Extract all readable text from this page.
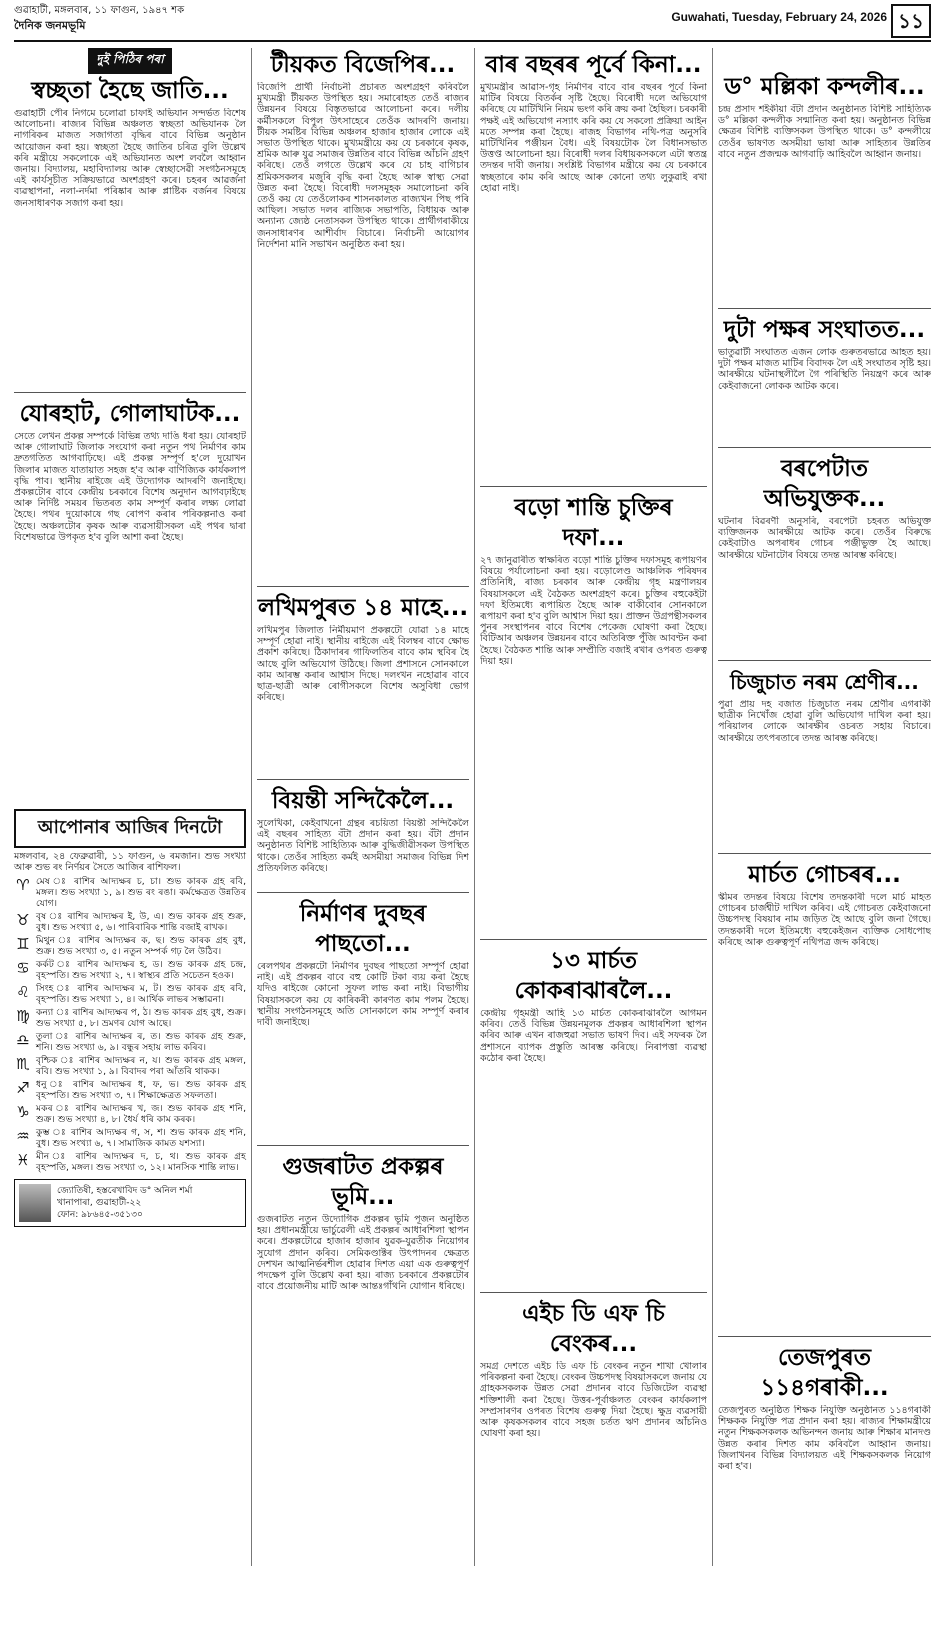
গুৱাহাটী, মঙ্গলবাৰ, ১১ ফাগুন, ১৯৪৭ শক
দৈনিক জনমভূমি
Guwahati, Tuesday, February 24, 2026 ১১
দুই পিঠিৰ পৰা
স্বচ্ছতা হৈছে জাতি...
গুৱাহাটী পৌৰ নিগমে চলোৱা চাফাই অভিযান সন্দৰ্ভত বিশেষ আলোচনা। ৰাজ্যৰ বিভিন্ন অঞ্চলত স্বচ্ছতা অভিযানক লৈ নাগৰিকৰ মাজত সজাগতা বৃদ্ধিৰ বাবে বিভিন্ন অনুষ্ঠান আয়োজন কৰা হয়। স্বচ্ছতা হৈছে জাতিৰ চৰিত্ৰ বুলি উল্লেখ কৰি মন্ত্ৰীয়ে সকলোকে এই অভিযানত অংশ লবলৈ আহ্বান জনায়। বিদ্যালয়, মহাবিদ্যালয় আৰু স্বেচ্ছাসেৱী সংগঠনসমূহে এই কাৰ্যসূচীত সক্ৰিয়ভাৱে অংশগ্ৰহণ কৰে। চহৰৰ আৱৰ্জনা ব্যৱস্থাপনা, নলা-নৰ্দমা পৰিষ্কাৰ আৰু প্লাষ্টিক বৰ্জনৰ বিষয়ে জনসাধাৰণক সজাগ কৰা হয়।
যোৰহাট, গোলাঘাটক...
সেতে লেখন প্ৰকল্প সম্পৰ্কে বিভিন্ন তথ্য দাঙি ধৰা হয়। যোৰহাট আৰু গোলাঘাট জিলাক সংযোগ কৰা নতুন পথ নিৰ্মাণৰ কাম দ্ৰুতগতিত আগবাঢ়িছে। এই প্ৰকল্প সম্পূৰ্ণ হ'লে দুয়োখন জিলাৰ মাজত যাতায়াত সহজ হ'ব আৰু বাণিজ্যিক কাৰ্যকলাপ বৃদ্ধি পাব। স্থানীয় ৰাইজে এই উদ্যোগক আদৰণি জনাইছে। প্ৰকল্পটোৰ বাবে কেন্দ্ৰীয় চৰকাৰে বিশেষ অনুদান আগবঢ়াইছে আৰু নিৰ্দিষ্ট সময়ৰ ভিতৰত কাম সম্পূৰ্ণ কৰাৰ লক্ষ্য লোৱা হৈছে। পথৰ দুয়োকাষে গছ ৰোপণ কৰাৰ পৰিকল্পনাও কৰা হৈছে। অঞ্চলটোৰ কৃষক আৰু ব্যৱসায়ীসকল এই পথৰ দ্বাৰা বিশেষভাৱে উপকৃত হ'ব বুলি আশা কৰা হৈছে।
আপোনাৰ আজিৰ দিনটো
মঙ্গলবাৰ, ২৪ ফেব্ৰুৱাৰী, ১১ ফাগুন, ৬ ৰমজান। শুভ সংখ্যা আৰু শুভ ৰং নিৰ্ণয়ৰ সৈতে আজিৰ ৰাশিফল।
♈ মেষ ঃ ৰাশিৰ আদ্যক্ষৰ চ, চা। শুভ কাৰক গ্ৰহ ৰবি, মঙ্গল। শুভ সংখ্যা ১, ৯। শুভ ৰং ৰঙা। কৰ্মক্ষেত্ৰত উন্নতিৰ যোগ।
♉ বৃষ ঃ ৰাশিৰ আদ্যক্ষৰ ই, উ, এ। শুভ কাৰক গ্ৰহ শুক্ৰ, বুধ। শুভ সংখ্যা ৫, ৬। পাৰিবাৰিক শান্তি বজাই ৰাখক।
♊ মিথুন ঃ ৰাশিৰ আদ্যক্ষৰ ক, ছ। শুভ কাৰক গ্ৰহ বুধ, শুক্ৰ। শুভ সংখ্যা ৩, ৫। নতুন সম্পৰ্ক গঢ় লৈ উঠিব।
♋ কৰ্কট ঃ ৰাশিৰ আদ্যক্ষৰ হ, ড। শুভ কাৰক গ্ৰহ চন্দ্ৰ, বৃহস্পতি। শুভ সংখ্যা ২, ৭। স্বাস্থ্যৰ প্ৰতি সচেতন হওক।
♌ সিংহ ঃ ৰাশিৰ আদ্যক্ষৰ ম, ট। শুভ কাৰক গ্ৰহ ৰবি, বৃহস্পতি। শুভ সংখ্যা ১, ৪। আৰ্থিক লাভৰ সম্ভাৱনা।
♍ কন্যা ঃ ৰাশিৰ আদ্যক্ষৰ প, ঠ। শুভ কাৰক গ্ৰহ বুধ, শুক্ৰ। শুভ সংখ্যা ৫, ৮। ভ্ৰমণৰ যোগ আছে।
♎ তুলা ঃ ৰাশিৰ আদ্যক্ষৰ ৰ, ত। শুভ কাৰক গ্ৰহ শুক্ৰ, শনি। শুভ সংখ্যা ৬, ৯। বন্ধুৰ সহায় লাভ কৰিব।
♏ বৃশ্চিক ঃ ৰাশিৰ আদ্যক্ষৰ ন, য। শুভ কাৰক গ্ৰহ মঙ্গল, ৰবি। শুভ সংখ্যা ১, ৯। বিবাদৰ পৰা আঁতৰি থাকক।
♐ ধনু ঃ ৰাশিৰ আদ্যক্ষৰ ধ, ফ, ভ। শুভ কাৰক গ্ৰহ বৃহস্পতি। শুভ সংখ্যা ৩, ৭। শিক্ষাক্ষেত্ৰত সফলতা।
♑ মকৰ ঃ ৰাশিৰ আদ্যক্ষৰ খ, জ। শুভ কাৰক গ্ৰহ শনি, শুক্ৰ। শুভ সংখ্যা ৪, ৮। ধৈৰ্য ধৰি কাম কৰক।
♒ কুম্ভ ঃ ৰাশিৰ আদ্যক্ষৰ গ, স, শ। শুভ কাৰক গ্ৰহ শনি, বুধ। শুভ সংখ্যা ৬, ৭। সামাজিক কামত যশস্যা।
♓ মীন ঃ ৰাশিৰ আদ্যক্ষৰ দ, চ, থ। শুভ কাৰক গ্ৰহ বৃহস্পতি, মঙ্গল। শুভ সংখ্যা ৩, ১২। মানসিক শান্তি লাভ।
জ্যোতিষী, হস্তৰেখাবিদ ড° অনিল শৰ্মা
খানাপাৰা, গুৱাহাটী-২২
ফোন: ৯৮৬৪৫-৩৫১৩০
টীয়কত বিজেপিৰ...
বিজেপি প্ৰাৰ্থী নিৰ্বাচনী প্ৰচাৰত অংশগ্ৰহণ কৰিবলৈ মুখ্যমন্ত্ৰী টীয়কত উপস্থিত হয়। সমাৰোহত তেওঁ ৰাজ্যৰ উন্নয়নৰ বিষয়ে বিস্তৃতভাৱে আলোচনা কৰে। দলীয় কৰ্মীসকলে বিপুল উৎসাহেৰে তেওঁক আদৰণি জনায়। টীয়ক সমষ্টিৰ বিভিন্ন অঞ্চলৰ হাজাৰ হাজাৰ লোকে এই সভাত উপস্থিত থাকে। মুখ্যমন্ত্ৰীয়ে কয় যে চৰকাৰে কৃষক, শ্ৰমিক আৰু যুৱ সমাজৰ উন্নতিৰ বাবে বিভিন্ন আঁচনি গ্ৰহণ কৰিছে। তেওঁ লগতে উল্লেখ কৰে যে চাহ বাগিচাৰ শ্ৰমিকসকলৰ মজুৰি বৃদ্ধি কৰা হৈছে আৰু স্বাস্থ্য সেৱা উন্নত কৰা হৈছে। বিৰোধী দলসমূহক সমালোচনা কৰি তেওঁ কয় যে তেওঁলোকৰ শাসনকালত ৰাজ্যখন পিছ পৰি আছিল। সভাত দলৰ ৰাজ্যিক সভাপতি, বিধায়ক আৰু অন্যান্য জ্যেষ্ঠ নেতাসকল উপস্থিত থাকে। প্ৰাৰ্থীগৰাকীয়ে জনসাধাৰণৰ আশীৰ্বাদ বিচাৰে। নিৰ্বাচনী আয়োগৰ নিৰ্দেশনা মানি সভাখন অনুষ্ঠিত কৰা হয়।
লখিমপুৰত ১৪ মাহে...
লখিমপুৰ জিলাত নিৰ্মীয়মাণ প্ৰকল্পটো যোৱা ১৪ মাহে সম্পূৰ্ণ হোৱা নাই। স্থানীয় ৰাইজে এই বিলম্বৰ বাবে ক্ষোভ প্ৰকাশ কৰিছে। ঠিকাদাৰৰ গাফিলতিৰ বাবে কাম স্থবিৰ হৈ আছে বুলি অভিযোগ উঠিছে। জিলা প্ৰশাসনে সোনকালে কাম আৰম্ভ কৰাৰ আশ্বাস দিছে। দলংখন নহোৱাৰ বাবে ছাত্ৰ-ছাত্ৰী আৰু ৰোগীসকলে বিশেষ অসুবিধা ভোগ কৰিছে।
বিয়ন্তী সন্দিকৈলৈ...
সুলেখিকা, কেইবাখনো গ্ৰন্থৰ ৰচয়িতা বিয়ন্তী সন্দিকৈলৈ এই বছৰৰ সাহিত্য বঁটা প্ৰদান কৰা হয়। বঁটা প্ৰদান অনুষ্ঠানত বিশিষ্ট সাহিত্যিক আৰু বুদ্ধিজীৱীসকল উপস্থিত থাকে। তেওঁৰ সাহিত্য কৰ্মই অসমীয়া সমাজৰ বিভিন্ন দিশ প্ৰতিফলিত কৰিছে।
নিৰ্মাণৰ দুবছৰ পাছতো...
ৰেলপথৰ প্ৰকল্পটো নিৰ্মাণৰ দুবছৰ পাছতো সম্পূৰ্ণ হোৱা নাই। এই প্ৰকল্পৰ বাবে বহু কোটি টকা ব্যয় কৰা হৈছে যদিও ৰাইজে কোনো সুফল লাভ কৰা নাই। বিভাগীয় বিষয়াসকলে কয় যে কাৰিকৰী কাৰণত কাম পলম হৈছে। স্থানীয় সংগঠনসমূহে অতি সোনকালে কাম সম্পূৰ্ণ কৰাৰ দাবী জনাইছে।
গুজৰাটত প্ৰকল্পৰ ভূমি...
গুজৰাটত নতুন উদ্যোগিক প্ৰকল্পৰ ভূমি পূজন অনুষ্ঠিত হয়। প্ৰধানমন্ত্ৰীয়ে ভাৰ্চুৱেলী এই প্ৰকল্পৰ আধাৰশিলা স্থাপন কৰে। প্ৰকল্পটোৱে হাজাৰ হাজাৰ যুৱক-যুৱতীক নিয়োগৰ সুযোগ প্ৰদান কৰিব। সেমিকণ্ডাক্টৰ উৎপাদনৰ ক্ষেত্ৰত দেশখন আত্মনিৰ্ভৰশীল হোৱাৰ দিশত এয়া এক গুৰুত্বপূৰ্ণ পদক্ষেপ বুলি উল্লেখ কৰা হয়। ৰাজ্য চৰকাৰে প্ৰকল্পটোৰ বাবে প্ৰয়োজনীয় মাটি আৰু আন্তঃগাঁথনি যোগান ধৰিছে।
বাৰ বছৰৰ পূৰ্বে কিনা...
মুখ্যমন্ত্ৰীৰ আৱাস-গৃহ নিৰ্মাণৰ বাবে বাৰ বছৰৰ পূৰ্বে কিনা মাটিৰ বিষয়ে বিতৰ্কৰ সৃষ্টি হৈছে। বিৰোধী দলে অভিযোগ কৰিছে যে মাটিখিনি নিয়ম ভংগ কৰি ক্ৰয় কৰা হৈছিল। চৰকাৰী পক্ষই এই অভিযোগ নস্যাৎ কৰি কয় যে সকলো প্ৰক্ৰিয়া আইন মতে সম্পন্ন কৰা হৈছে। ৰাজহ বিভাগৰ নথি-পত্ৰ অনুসৰি মাটিখিনিৰ পঞ্জীয়ন বৈধ। এই বিষয়টোক লৈ বিধানসভাত উত্তপ্ত আলোচনা হয়। বিৰোধী দলৰ বিধায়কসকলে এটা স্বতন্ত্ৰ তদন্তৰ দাবী জনায়। সংশ্লিষ্ট বিভাগৰ মন্ত্ৰীয়ে কয় যে চৰকাৰে স্বচ্ছতাৰে কাম কৰি আছে আৰু কোনো তথ্য লুকুৱাই ৰখা হোৱা নাই।
বড়ো শান্তি চুক্তিৰ দফা...
২৭ জানুৱাৰীত স্বাক্ষৰিত বড়ো শান্তি চুক্তিৰ দফাসমূহ ৰূপায়ণৰ বিষয়ে পৰ্যালোচনা কৰা হয়। বড়োলেণ্ড আঞ্চলিক পৰিষদৰ প্ৰতিনিধি, ৰাজ্য চৰকাৰ আৰু কেন্দ্ৰীয় গৃহ মন্ত্ৰণালয়ৰ বিষয়াসকলে এই বৈঠকত অংশগ্ৰহণ কৰে। চুক্তিৰ বহুকেইটা দফা ইতিমধ্যে ৰূপায়িত হৈছে আৰু বাকীবোৰ সোনকালে ৰূপায়ণ কৰা হ'ব বুলি আশ্বাস দিয়া হয়। প্ৰাক্তন উগ্ৰপন্থীসকলৰ পুনৰ সংস্থাপনৰ বাবে বিশেষ পেকেজ ঘোষণা কৰা হৈছে। বিটিআৰ অঞ্চলৰ উন্নয়নৰ বাবে অতিৰিক্ত পুঁজি আবণ্টন কৰা হৈছে। বৈঠকত শান্তি আৰু সম্প্ৰীতি বজাই ৰখাৰ ওপৰত গুৰুত্ব দিয়া হয়।
১৩ মাৰ্চত কোকৰাঝাৰলৈ...
কেন্দ্ৰীয় গৃহমন্ত্ৰী আহি ১৩ মাৰ্চত কোকৰাঝাৰলৈ আগমন কৰিব। তেওঁ বিভিন্ন উন্নয়নমূলক প্ৰকল্পৰ আধাৰশিলা স্থাপন কৰিব আৰু এখন ৰাজহুৱা সভাত ভাষণ দিব। এই সফৰক লৈ প্ৰশাসনে ব্যাপক প্ৰস্তুতি আৰম্ভ কৰিছে। নিৰাপত্তা ব্যৱস্থা কঠোৰ কৰা হৈছে।
এইচ ডি এফ চি বেংকৰ...
সমগ্ৰ দেশতে এইচ ডি এফ চি বেংকৰ নতুন শাখা খোলাৰ পৰিকল্পনা কৰা হৈছে। বেংকৰ উচ্চপদস্থ বিষয়াসকলে জনায় যে গ্ৰাহকসকলক উন্নত সেৱা প্ৰদানৰ বাবে ডিজিটেল ব্যৱস্থা শক্তিশালী কৰা হৈছে। উত্তৰ-পূৰ্বাঞ্চলত বেংকৰ কাৰ্যকলাপ সম্প্ৰসাৰণৰ ওপৰত বিশেষ গুৰুত্ব দিয়া হৈছে। ক্ষুদ্ৰ ব্যৱসায়ী আৰু কৃষকসকলৰ বাবে সহজ চৰ্তত ঋণ প্ৰদানৰ আঁচনিও ঘোষণা কৰা হয়।
ড° মল্লিকা কন্দলীৰ...
চন্দ্ৰ প্ৰসাদ শইকীয়া বঁটা প্ৰদান অনুষ্ঠানত বিশিষ্ট সাহিত্যিক ড° মল্লিকা কন্দলীক সন্মানিত কৰা হয়। অনুষ্ঠানত বিভিন্ন ক্ষেত্ৰৰ বিশিষ্ট ব্যক্তিসকল উপস্থিত থাকে। ড° কন্দলীয়ে তেওঁৰ ভাষণত অসমীয়া ভাষা আৰু সাহিত্যৰ উন্নতিৰ বাবে নতুন প্ৰজন্মক আগবাঢ়ি আহিবলৈ আহ্বান জনায়।
দুটা পক্ষৰ সংঘাতত...
ভাতুৱাটী সংঘাতত এজন লোক গুৰুতৰভাৱে আহত হয়। দুটা পক্ষৰ মাজত মাটিৰ বিবাদক লৈ এই সংঘাতৰ সৃষ্টি হয়। আৰক্ষীয়ে ঘটনাস্থলীলৈ গৈ পৰিস্থিতি নিয়ন্ত্ৰণ কৰে আৰু কেইবাজনো লোকক আটক কৰে।
বৰপেটাত অভিযুক্তক...
ঘটনাৰ বিৱৰণী অনুসৰি, বৰপেটা চহৰত অভিযুক্ত ব্যক্তিজনক আৰক্ষীয়ে আটক কৰে। তেওঁৰ বিৰুদ্ধে কেইবাটাও অপৰাধৰ গোচৰ পঞ্জীভুক্ত হৈ আছে। আৰক্ষীয়ে ঘটনাটোৰ বিষয়ে তদন্ত আৰম্ভ কৰিছে।
চিজুচাত নৰম শ্ৰেণীৰ...
পুৱা প্ৰায় দহ বজাত চিজুচাত নৰম শ্ৰেণীৰ এগৰাকী ছাত্ৰীক নিখোঁজ হোৱা বুলি অভিযোগ দাখিল কৰা হয়। পৰিয়ালৰ লোকে আৰক্ষীৰ ওচৰত সহায় বিচাৰে। আৰক্ষীয়ে তৎপৰতাৰে তদন্ত আৰম্ভ কৰিছে।
মাৰ্চত গোচৰৰ...
স্কীমৰ তদন্তৰ বিষয়ে বিশেষ তদন্তকাৰী দলে মাৰ্চ মাহত গোচৰৰ চাৰ্জশ্বীট দাখিল কৰিব। এই গোচৰত কেইবাজনো উচ্চপদস্থ বিষয়াৰ নাম জড়িত হৈ আছে বুলি জনা গৈছে। তদন্তকাৰী দলে ইতিমধ্যে বহুকেইজন ব্যক্তিক সোধপোছ কৰিছে আৰু গুৰুত্বপূৰ্ণ নথিপত্ৰ জব্দ কৰিছে।
তেজপুৰত ১১৪গৰাকী...
তেজপুৰত অনুষ্ঠিত শিক্ষক নিযুক্তি অনুষ্ঠানত ১১৪গৰাকী শিক্ষকক নিযুক্তি পত্ৰ প্ৰদান কৰা হয়। ৰাজ্যৰ শিক্ষামন্ত্ৰীয়ে নতুন শিক্ষকসকলক অভিনন্দন জনায় আৰু শিক্ষাৰ মানদণ্ড উন্নত কৰাৰ দিশত কাম কৰিবলৈ আহ্বান জনায়। জিলাখনৰ বিভিন্ন বিদ্যালয়ত এই শিক্ষকসকলক নিয়োগ কৰা হ'ব।
